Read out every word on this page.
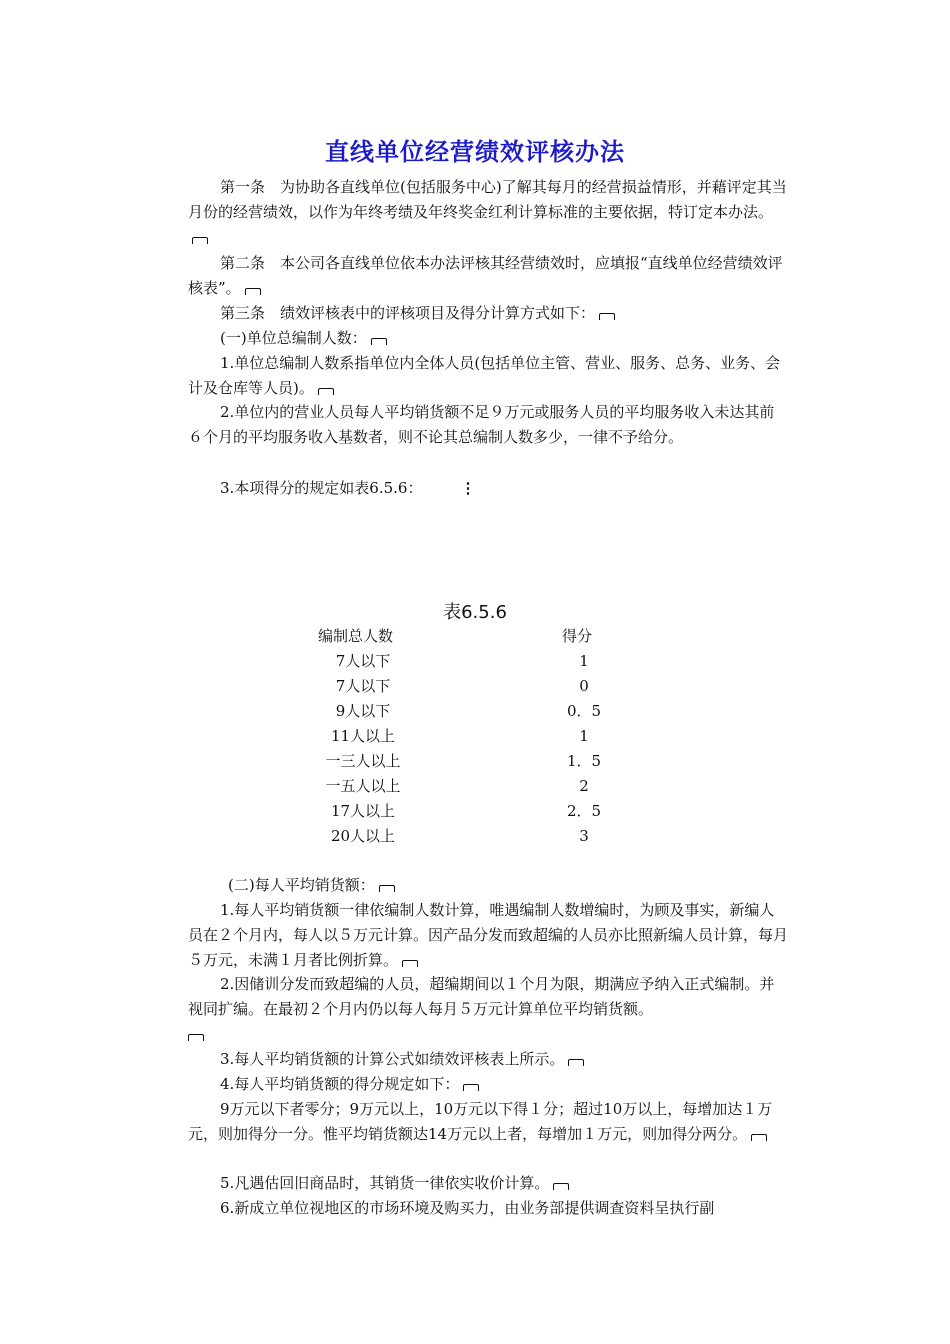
直线单位经营绩效评核办法
第一条　为协助各直线单位(包括服务中心)了解其每月的经营损益情形，并藉评定其当月份的经营绩效，以作为年终考绩及年终奖金红利计算标准的主要依据，特订定本办法。
第二条　本公司各直线单位依本办法评核其经营绩效时，应填报“直线单位经营绩效评核表”。
第三条　绩效评核表中的评核项目及得分计算方式如下：
(一)单位总编制人数：
1.单位总编制人数系指单位内全体人员(包括单位主管、营业、服务、总务、业务、会计及仓库等人员)。
2.单位内的营业人员每人平均销货额不足９万元或服务人员的平均服务收入未达其前６个月的平均服务收入基数者，则不论其总编制人数多少，一律不予给分。
3.本项得分的规定如表6.5.6：	⋮
表6.5.6
编制总人数	得分
7人以下	1
7人以下	0
9人以下	0．5
11人以上	1
一三人以上	1．5
一五人以上	2
17人以上	2．5
20人以上	3
(二)每人平均销货额：
1.每人平均销货额一律依编制人数计算，唯遇编制人数增编时，为顾及事实，新编人员在２个月内，每人以５万元计算。因产品分发而致超编的人员亦比照新编人员计算，每月５万元，未满１月者比例折算。
2.因储训分发而致超编的人员，超编期间以１个月为限，期满应予纳入正式编制。并视同扩编。在最初２个月内仍以每人每月５万元计算单位平均销货额。

3.每人平均销货额的计算公式如绩效评核表上所示。
4.每人平均销货额的得分规定如下：
9万元以下者零分；9万元以上，10万元以下得１分；超过10万以上，每增加达１万元，则加得分一分。惟平均销货额达14万元以上者，每增加１万元，则加得分两分。
5.凡遇估回旧商品时，其销货一律依实收价计算。
6.新成立单位视地区的市场环境及购买力，由业务部提供调查资料呈执行副
